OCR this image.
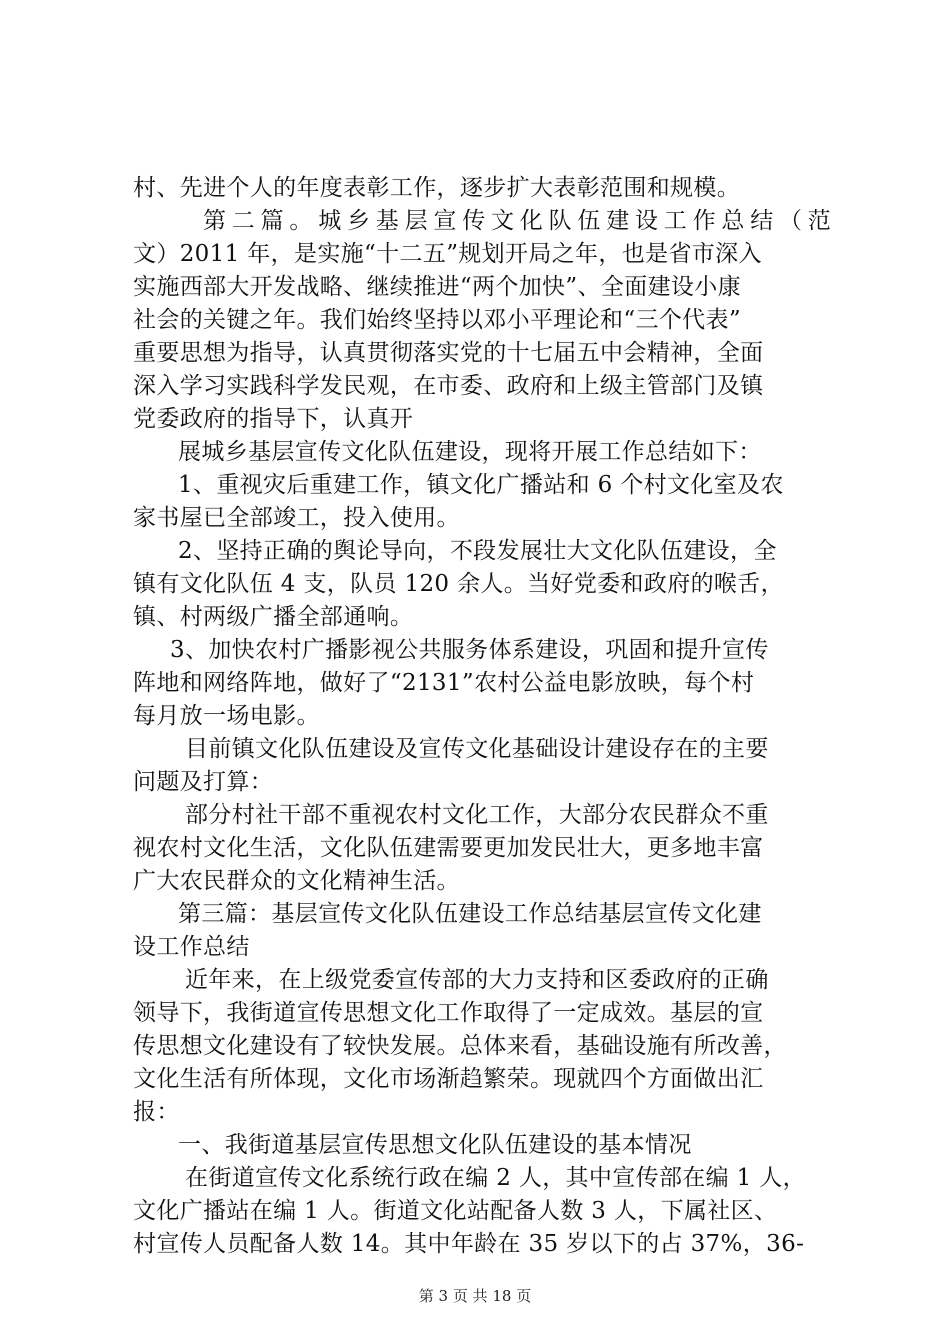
村、先进个人的年度表彰工作，逐步扩大表彰范围和规模。
第二篇。城乡基层宣传文化队伍建设工作总结（范
文）2011 年，是实施“十二五”规划开局之年，也是省市深入
实施西部大开发战略、继续推进“两个加快”、全面建设小康
社会的关键之年。我们始终坚持以邓小平理论和“三个代表”
重要思想为指导，认真贯彻落实党的十七届五中会精神，全面
深入学习实践科学发民观，在市委、政府和上级主管部门及镇
党委政府的指导下，认真开
展城乡基层宣传文化队伍建设，现将开展工作总结如下：
1、重视灾后重建工作，镇文化广播站和 6 个村文化室及农
家书屋已全部竣工，投入使用。
2、坚持正确的舆论导向，不段发展壮大文化队伍建设，全
镇有文化队伍 4 支，队员 120 余人。当好党委和政府的喉舌，
镇、村两级广播全部通响。
3、加快农村广播影视公共服务体系建设，巩固和提升宣传
阵地和网络阵地，做好了“2131”农村公益电影放映，每个村
每月放一场电影。
目前镇文化队伍建设及宣传文化基础设计建设存在的主要
问题及打算：
部分村社干部不重视农村文化工作，大部分农民群众不重
视农村文化生活，文化队伍建需要更加发民壮大，更多地丰富
广大农民群众的文化精神生活。
第三篇：基层宣传文化队伍建设工作总结基层宣传文化建
设工作总结
近年来，在上级党委宣传部的大力支持和区委政府的正确
领导下，我街道宣传思想文化工作取得了一定成效。基层的宣
传思想文化建设有了较快发展。总体来看，基础设施有所改善，
文化生活有所体现，文化市场渐趋繁荣。现就四个方面做出汇
报：
一、我街道基层宣传思想文化队伍建设的基本情况
在街道宣传文化系统行政在编 2 人，其中宣传部在编 1 人，
文化广播站在编 1 人。街道文化站配备人数 3 人，下属社区、
村宣传人员配备人数 14。其中年龄在 35 岁以下的占 37%，36-
第 3 页 共 18 页
